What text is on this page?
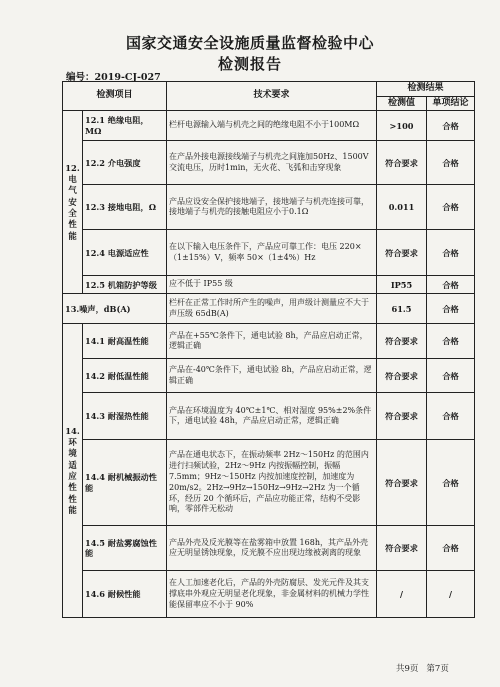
国家交通安全设施质量监督检验中心
检测报告
编号：2019-CJ-027
检测项目		技术要求	检测结果	
			检测值	单项结论
12.电气安全性能	12.1 绝缘电阻，MΩ	栏杆电源输入端与机壳之间的绝缘电阻不小于100MΩ	>100	合格
	12.2 介电强度	在产品外接电源接线端子与机壳之间施加50Hz、1500V交流电压，历时1min，无火花、飞弧和击穿现象	符合要求	合格
	12.3 接地电阻，Ω	产品应设安全保护接地端子，接地端子与机壳连接可靠，接地端子与机壳的接触电阻应小于0.1Ω	0.011	合格
	12.4 电源适应性	在以下输入电压条件下，产品应可靠工作：电压 220×（1±15%）V，频率 50×（1±4%）Hz	符合要求	合格
	12.5 机箱防护等级	应不低于 IP55 级	IP55	合格
13.噪声，dB(A)		栏杆在正常工作时所产生的噪声，用声级计测量应不大于声压级 65dB(A)	61.5	合格
14.环境适应性性能	14.1 耐高温性能	产品在+55℃条件下，通电试验 8h，产品应启动正常，逻辑正确	符合要求	合格
	14.2 耐低温性能	产品在-40℃条件下，通电试验 8h，产品应启动正常，逻辑正确	符合要求	合格
	14.3 耐湿热性能	产品在环境温度为 40℃±1℃、相对湿度 95%±2%条件下，通电试验 48h，产品应启动正常，逻辑正确	符合要求	合格
	14.4 耐机械振动性能	产品在通电状态下，在振动频率 2Hz～150Hz 的范围内进行扫频试验，2Hz～9Hz 内按振幅控制，振幅 7.5mm；9Hz～150Hz 内按加速度控制，加速度为 20m/s2。2Hz→9Hz→150Hz→9Hz→2Hz 为一个循环，经历 20 个循环后，产品应功能正常，结构不受影响，零部件无松动	符合要求	合格
	14.5 耐盐雾腐蚀性能	产品外壳及反光膜等在盐雾箱中放置 168h，其产品外壳应无明显锈蚀现象，反光膜不应出现边缘被剥离的现象	符合要求	合格
	14.6 耐候性能	在人工加速老化后，产品的外壳防腐层、发光元件及其支撑底串外观应无明显老化现象，非金属材料的机械力学性能保留率应不小于 90%	/	/
共9页 第7页
